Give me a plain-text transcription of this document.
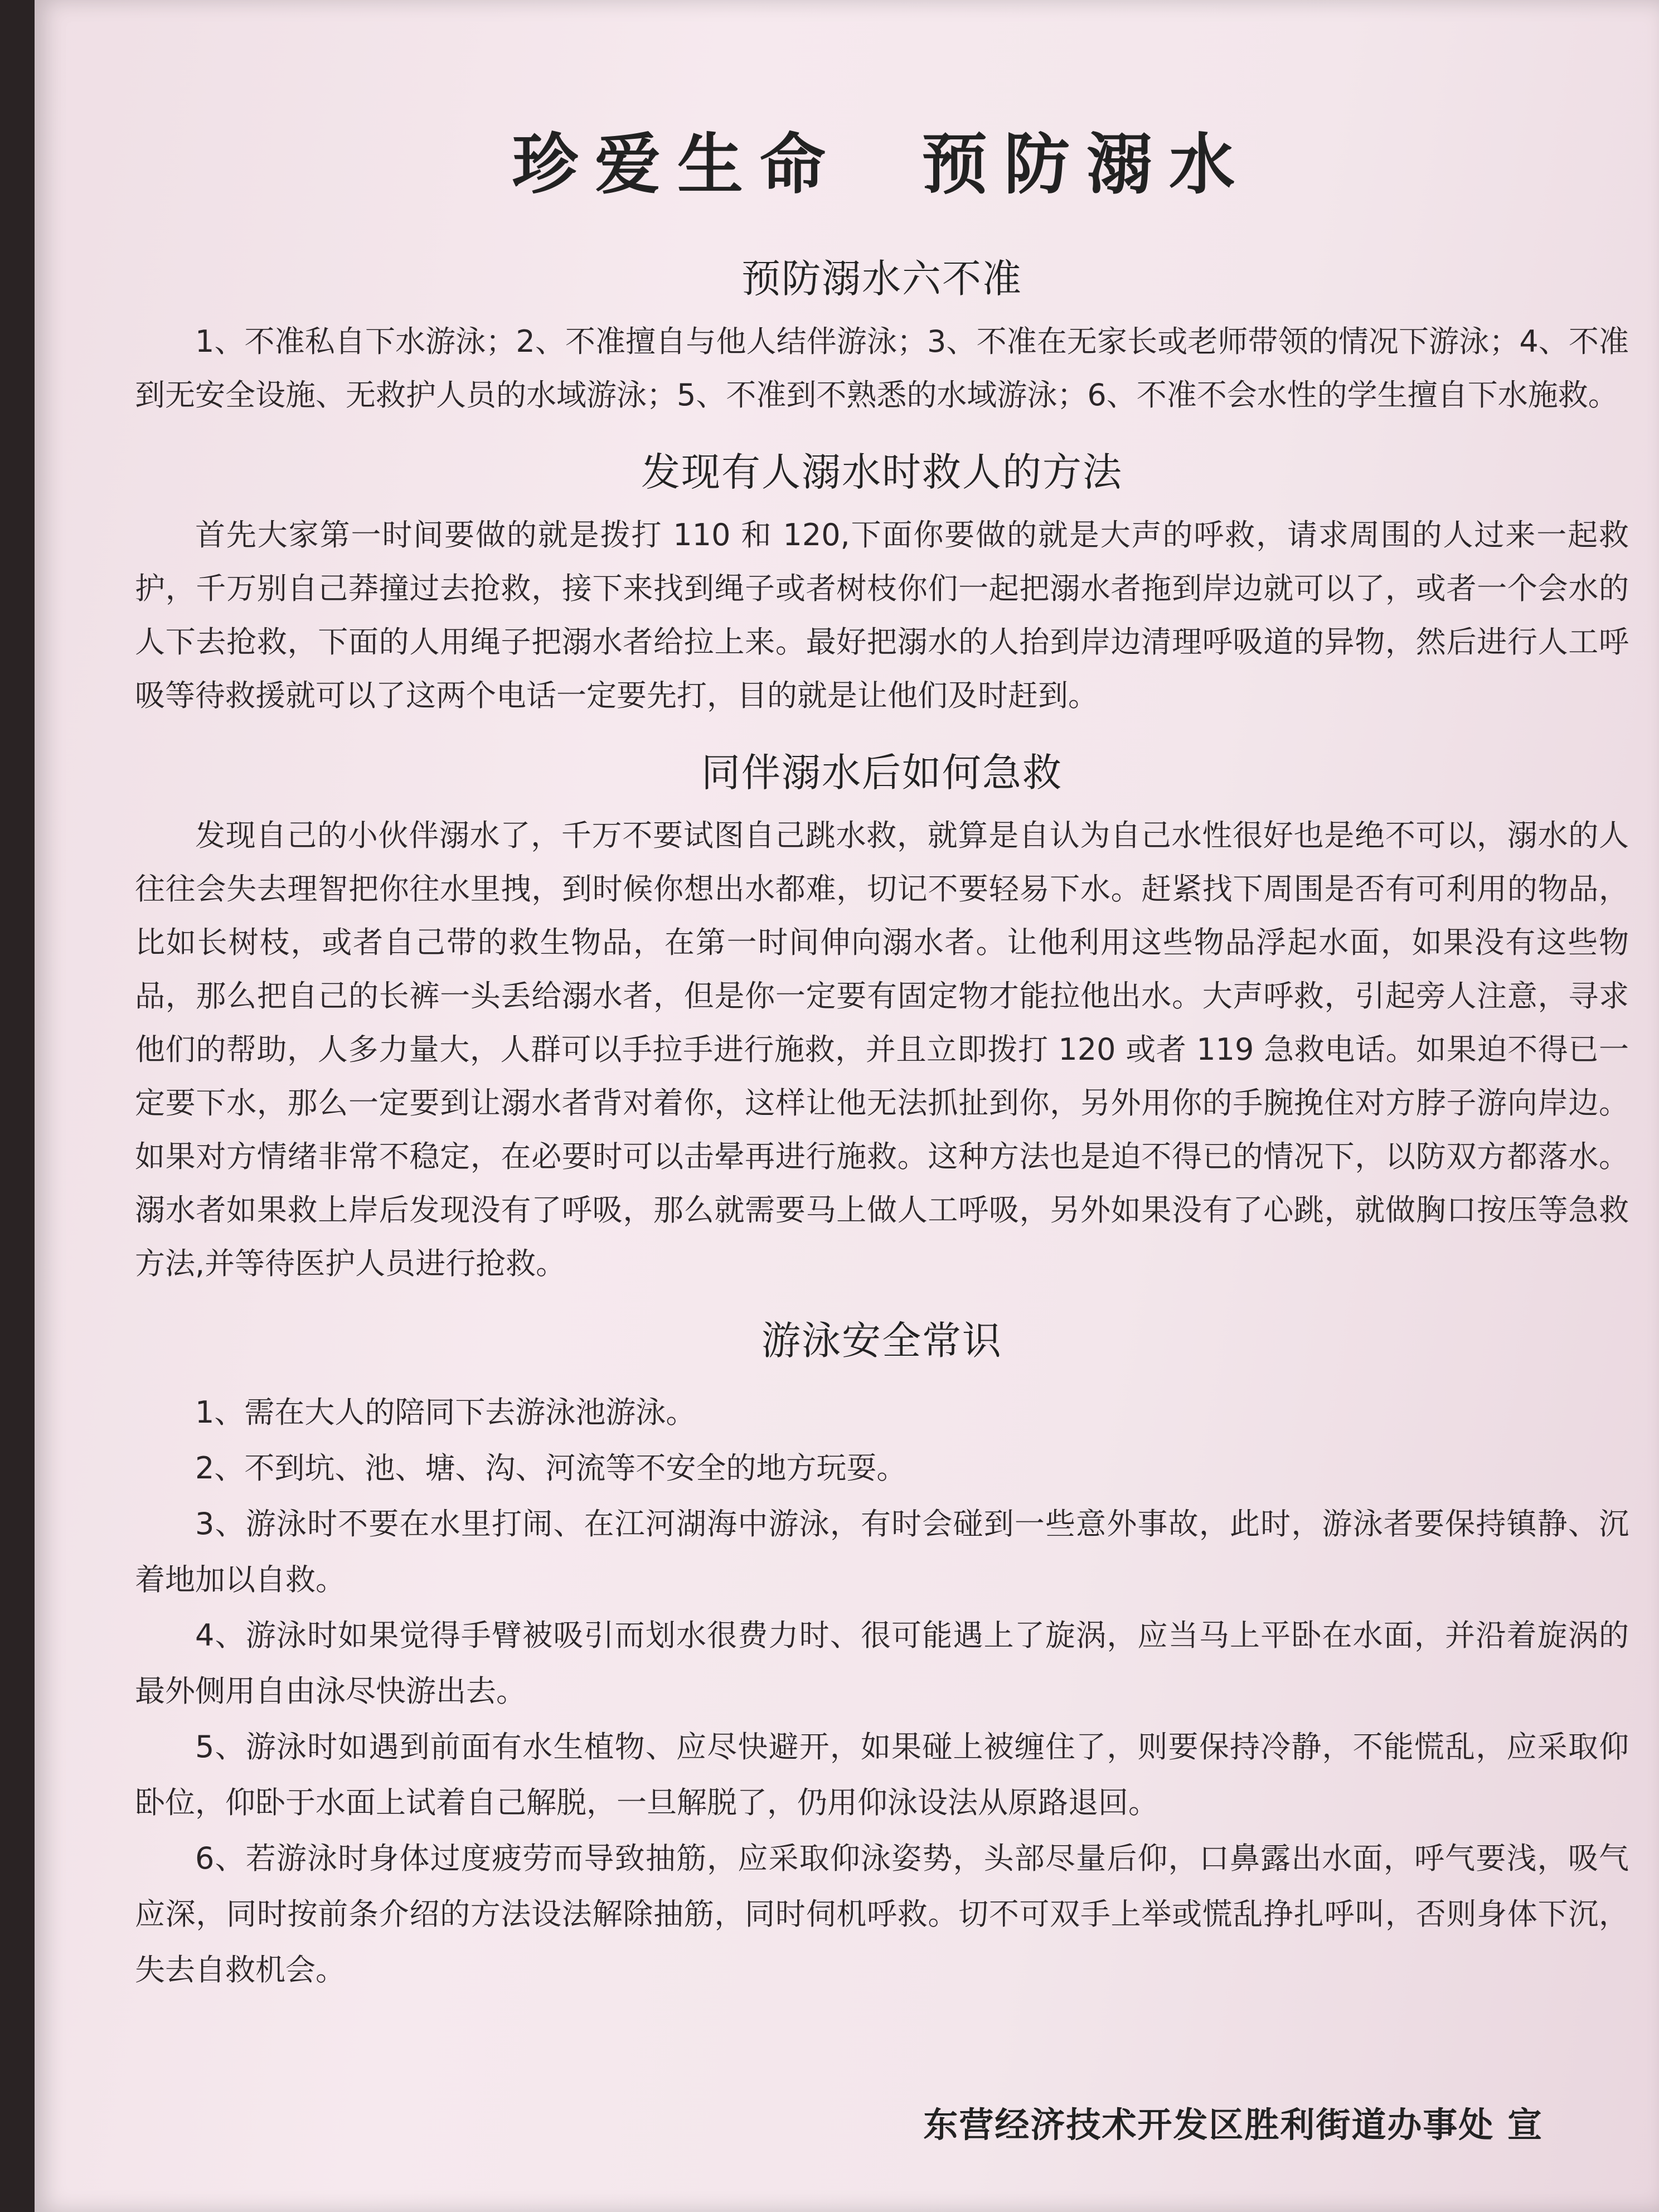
珍爱生命  预防溺水
预防溺水六不准

1、不准私自下水游泳；2、不准擅自与他人结伴游泳；3、不准在无家长或老师带领的情况下游泳；4、不准到无安全设施、无救护人员的水域游泳；5、不准到不熟悉的水域游泳；6、不准不会水性的学生擅自下水施救。

发现有人溺水时救人的方法

首先大家第一时间要做的就是拨打 110 和 120,下面你要做的就是大声的呼救，请求周围的人过来一起救护，千万别自己莽撞过去抢救，接下来找到绳子或者树枝你们一起把溺水者拖到岸边就可以了，或者一个会水的人下去抢救，下面的人用绳子把溺水者给拉上来。最好把溺水的人抬到岸边清理呼吸道的异物，然后进行人工呼吸等待救援就可以了这两个电话一定要先打，目的就是让他们及时赶到。

同伴溺水后如何急救

发现自己的小伙伴溺水了，千万不要试图自己跳水救，就算是自认为自己水性很好也是绝不可以，溺水的人往往会失去理智把你往水里拽，到时候你想出水都难，切记不要轻易下水。赶紧找下周围是否有可利用的物品，比如长树枝，或者自己带的救生物品，在第一时间伸向溺水者。让他利用这些物品浮起水面，如果没有这些物品，那么把自己的长裤一头丢给溺水者，但是你一定要有固定物才能拉他出水。大声呼救，引起旁人注意，寻求他们的帮助，人多力量大，人群可以手拉手进行施救，并且立即拨打 120 或者 119 急救电话。如果迫不得已一定要下水，那么一定要到让溺水者背对着你，这样让他无法抓扯到你，另外用你的手腕挽住对方脖子游向岸边。如果对方情绪非常不稳定，在必要时可以击晕再进行施救。这种方法也是迫不得已的情况下，以防双方都落水。溺水者如果救上岸后发现没有了呼吸，那么就需要马上做人工呼吸，另外如果没有了心跳，就做胸口按压等急救方法,并等待医护人员进行抢救。

游泳安全常识

1、需在大人的陪同下去游泳池游泳。

2、不到坑、池、塘、沟、河流等不安全的地方玩耍。

3、游泳时不要在水里打闹、在江河湖海中游泳，有时会碰到一些意外事故，此时，游泳者要保持镇静、沉着地加以自救。

4、游泳时如果觉得手臂被吸引而划水很费力时、很可能遇上了旋涡，应当马上平卧在水面，并沿着旋涡的最外侧用自由泳尽快游出去。

5、游泳时如遇到前面有水生植物、应尽快避开，如果碰上被缠住了，则要保持冷静，不能慌乱，应采取仰卧位，仰卧于水面上试着自己解脱，一旦解脱了，仍用仰泳设法从原路退回。

6、若游泳时身体过度疲劳而导致抽筋，应采取仰泳姿势，头部尽量后仰，口鼻露出水面，呼气要浅，吸气应深，同时按前条介绍的方法设法解除抽筋，同时伺机呼救。切不可双手上举或慌乱挣扎呼叫，否则身体下沉，失去自救机会。

东营经济技术开发区胜利街道办事处 宣
